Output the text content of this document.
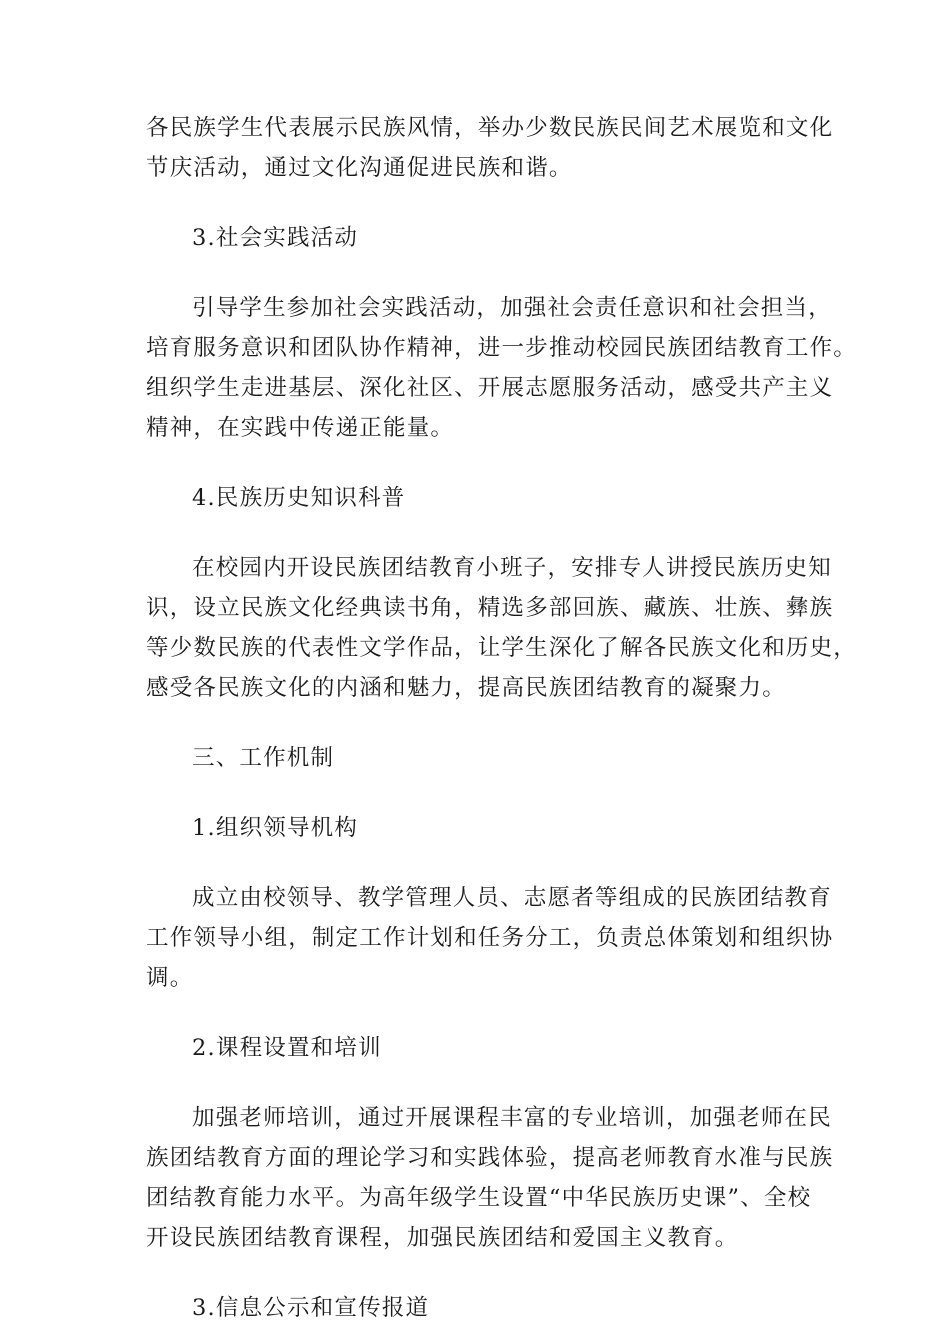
各民族学生代表展示民族风情，举办少数民族民间艺术展览和文化
节庆活动，通过文化沟通促进民族和谐。
3.社会实践活动
引导学生参加社会实践活动，加强社会责任意识和社会担当，
培育服务意识和团队协作精神，进一步推动校园民族团结教育工作。
组织学生走进基层、深化社区、开展志愿服务活动，感受共产主义
精神，在实践中传递正能量。
4.民族历史知识科普
在校园内开设民族团结教育小班子，安排专人讲授民族历史知
识，设立民族文化经典读书角，精选多部回族、藏族、壮族、彝族
等少数民族的代表性文学作品，让学生深化了解各民族文化和历史，
感受各民族文化的内涵和魅力，提高民族团结教育的凝聚力。
三、工作机制
1.组织领导机构
成立由校领导、教学管理人员、志愿者等组成的民族团结教育
工作领导小组，制定工作计划和任务分工，负责总体策划和组织协
调。
2.课程设置和培训
加强老师培训，通过开展课程丰富的专业培训，加强老师在民
族团结教育方面的理论学习和实践体验，提高老师教育水准与民族
团结教育能力水平。为高年级学生设置“中华民族历史课”、全校
开设民族团结教育课程，加强民族团结和爱国主义教育。
3.信息公示和宣传报道
